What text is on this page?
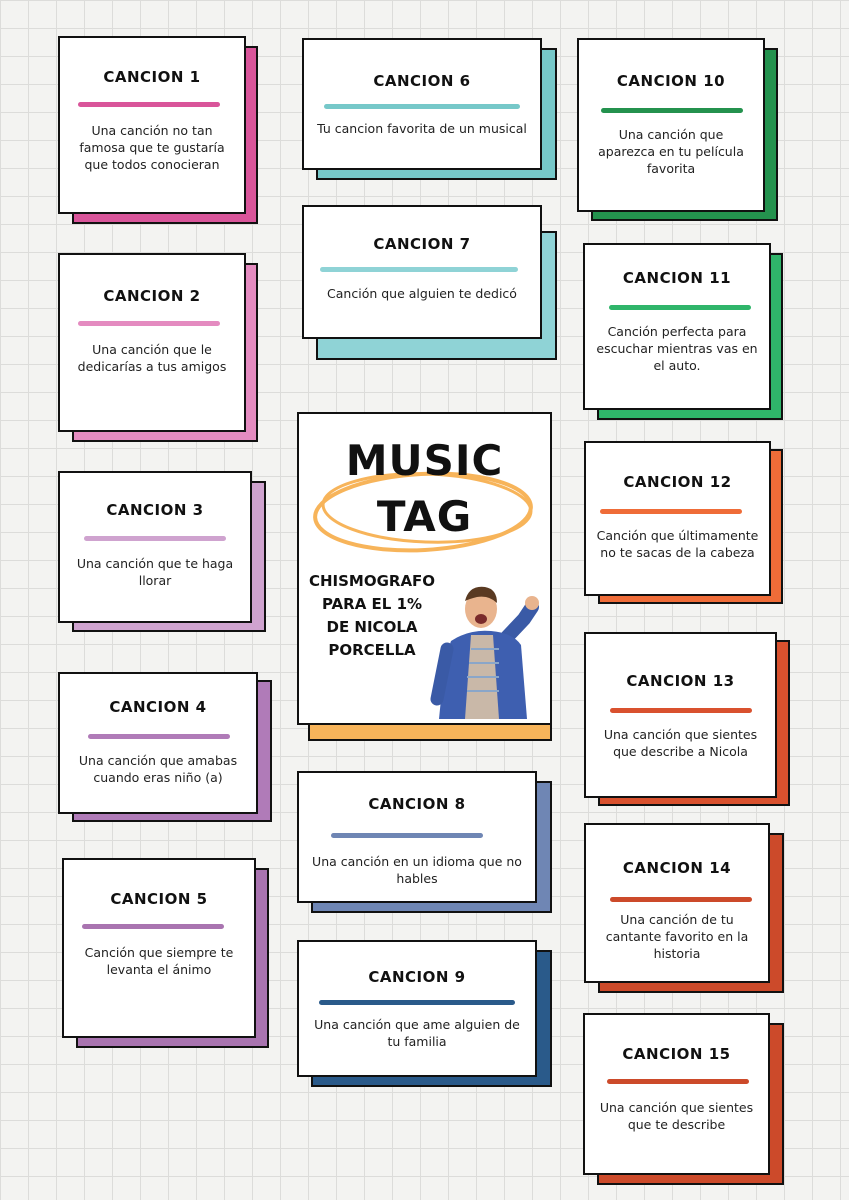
CANCION 1
Una canción no tan famosa que te gustaría que todos conocieran
CANCION 2
Una canción que le dedicarías a tus amigos
CANCION 3
Una canción que te haga llorar
CANCION 4
Una canción que amabas cuando eras niño (a)
CANCION 5
Canción que siempre te levanta el ánimo
CANCION 6
Tu cancion favorita de un musical
CANCION 7
Canción que alguien te dedicó
CANCION 8
Una canción en un idioma que no hables
CANCION 9
Una canción que ame alguien de tu familia
CANCION 10
Una canción que aparezca en tu película favorita
CANCION 11
Canción perfecta para escuchar mientras vas en el auto.
CANCION 12
Canción que últimamente no te sacas de la cabeza
CANCION 13
Una canción que sientes que describe a Nicola
CANCION 14
Una canción de tu cantante favorito en la historia
CANCION 15
Una canción que sientes que te describe
MUSIC
TAG
CHISMOGRAFO
PARA EL 1%
DE NICOLA
PORCELLA
